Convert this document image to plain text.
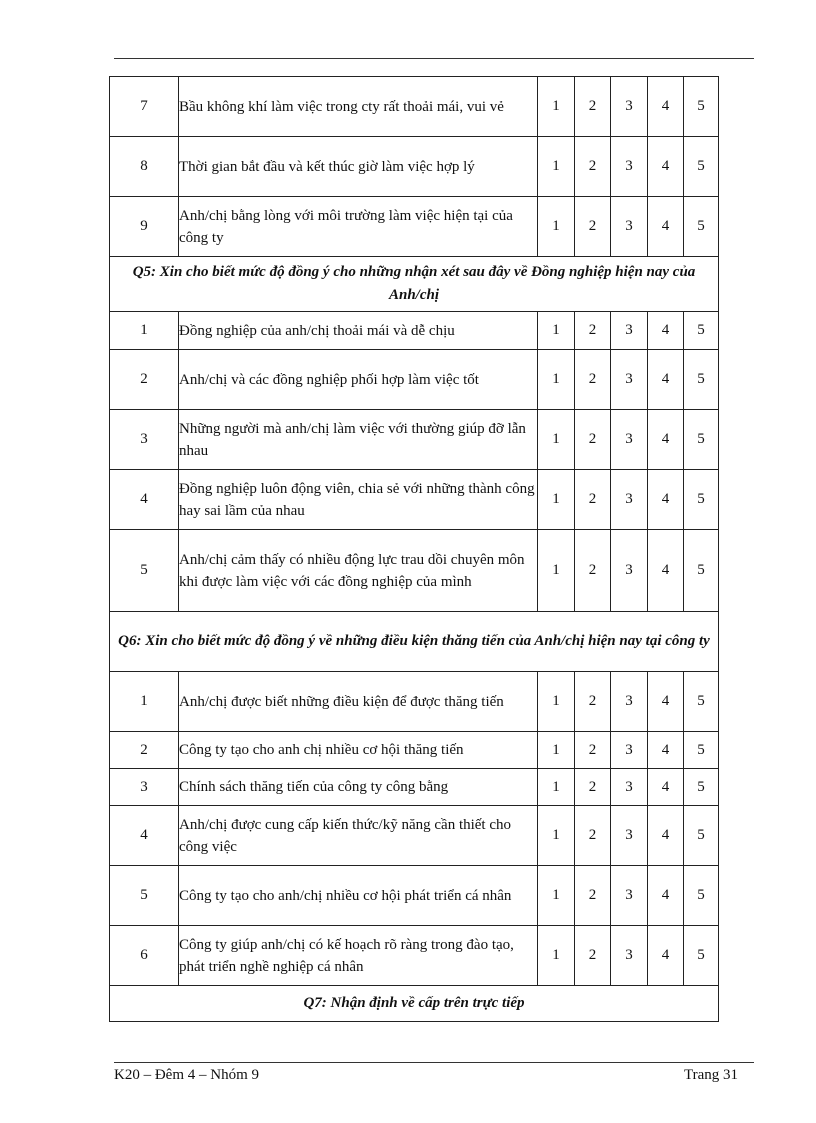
7	Bầu không khí làm việc trong cty rất thoải mái, vui vẻ	1	2	3	4	5
8	Thời gian bắt đầu và kết thúc giờ làm việc hợp lý	1	2	3	4	5
9	Anh/chị bằng lòng với môi trường làm việc hiện tại của công ty	1	2	3	4	5
Q5: Xin cho biết mức độ đồng ý cho những nhận xét sau đây về Đồng nghiệp hiện nay của Anh/chị						
1	Đồng nghiệp của anh/chị thoải mái và dễ chịu	1	2	3	4	5
2	Anh/chị và các đồng nghiệp phối hợp làm việc tốt	1	2	3	4	5
3	Những người mà anh/chị làm việc với thường giúp đỡ lẫn nhau	1	2	3	4	5
4	Đồng nghiệp luôn động viên, chia sẻ với những thành công hay sai lầm của nhau	1	2	3	4	5
5	Anh/chị cảm thấy có nhiều động lực trau dồi chuyên môn khi được làm việc với các đồng nghiệp của mình	1	2	3	4	5
Q6: Xin cho biết mức độ đồng ý về những điều kiện thăng tiến của Anh/chị hiện nay tại công ty						
1	Anh/chị được biết những điều kiện để được thăng tiến	1	2	3	4	5
2	Công ty tạo cho anh chị nhiều cơ hội thăng tiến	1	2	3	4	5
3	Chính sách thăng tiến của công ty công bằng	1	2	3	4	5
4	Anh/chị được cung cấp kiến thức/kỹ năng cần thiết cho công việc	1	2	3	4	5
5	Công ty tạo cho anh/chị nhiều cơ hội phát triển cá nhân	1	2	3	4	5
6	Công ty giúp anh/chị có kế hoạch rõ ràng trong đào tạo, phát triển nghề nghiệp cá nhân	1	2	3	4	5
Q7: Nhận định về cấp trên trực tiếp						
K20 – Đêm 4 – Nhóm 9	Trang 31
